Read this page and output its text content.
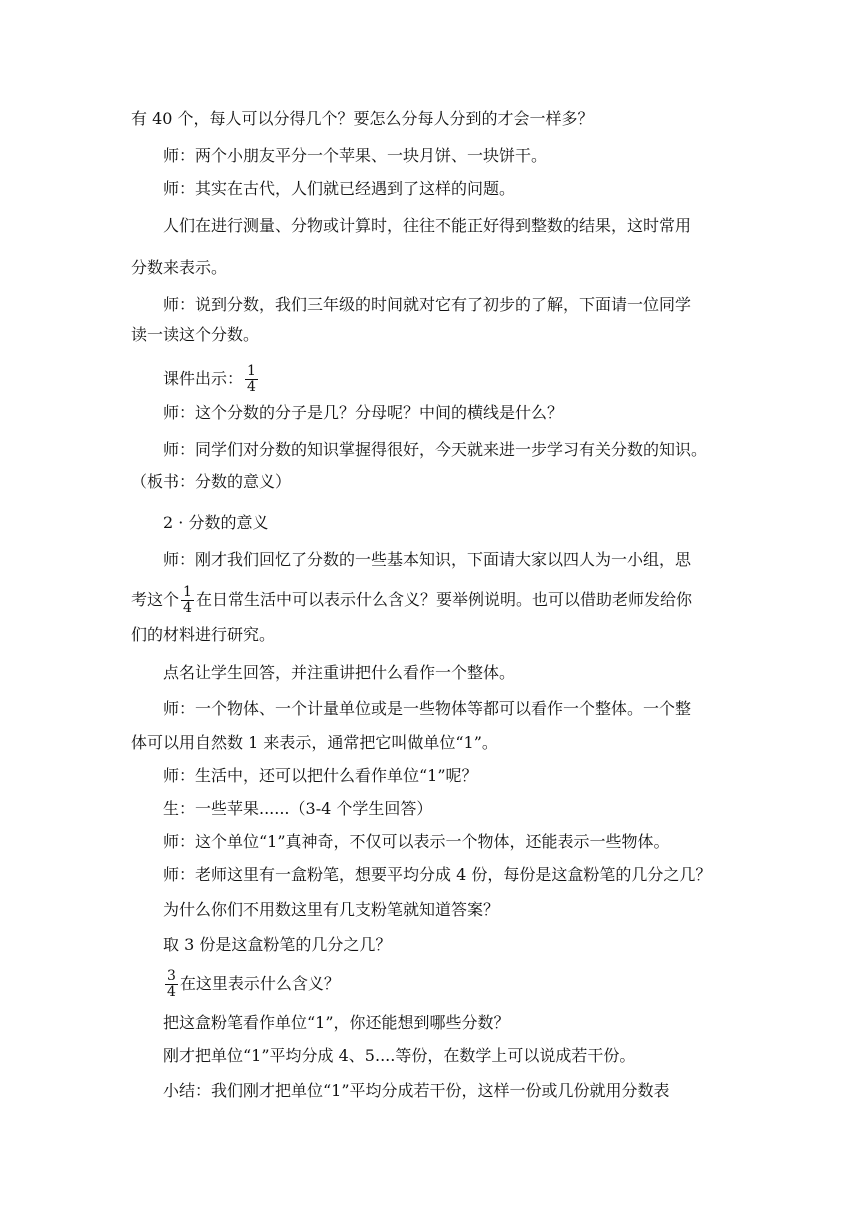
有 40 个，每人可以分得几个？要怎么分每人分到的才会一样多？
师：两个小朋友平分一个苹果、一块月饼、一块饼干。
师：其实在古代，人们就已经遇到了这样的问题。
人们在进行测量、分物或计算时，往往不能正好得到整数的结果，这时常用
分数来表示。
师：说到分数，我们三年级的时间就对它有了初步的了解，下面请一位同学
读一读这个分数。
课件出示： $\frac{1}{4}$
师：这个分数的分子是几？分母呢？中间的横线是什么？
师：同学们对分数的知识掌握得很好，今天就来进一步学习有关分数的知识。
（板书：分数的意义）
2 · 分数的意义
师：刚才我们回忆了分数的一些基本知识，下面请大家以四人为一小组，思
考这个 $\frac{1}{4}$ 在日常生活中可以表示什么含义？要举例说明。也可以借助老师发给你
们的材料进行研究。
点名让学生回答，并注重讲把什么看作一个整体。
师：一个物体、一个计量单位或是一些物体等都可以看作一个整体。一个整
体可以用自然数 1 来表示，通常把它叫做单位“1”。
师：生活中，还可以把什么看作单位“1”呢？
生：一些苹果......（3-4 个学生回答）
师：这个单位“1”真神奇，不仅可以表示一个物体，还能表示一些物体。
师：老师这里有一盒粉笔，想要平均分成 4 份，每份是这盒粉笔的几分之几？
为什么你们不用数这里有几支粉笔就知道答案？
取 3 份是这盒粉笔的几分之几？
$\frac{3}{4}$ 在这里表示什么含义？
把这盒粉笔看作单位“1”，你还能想到哪些分数？
刚才把单位“1”平均分成 4、5....等份，在数学上可以说成若干份。
小结：我们刚才把单位“1”平均分成若干份，这样一份或几份就用分数表
